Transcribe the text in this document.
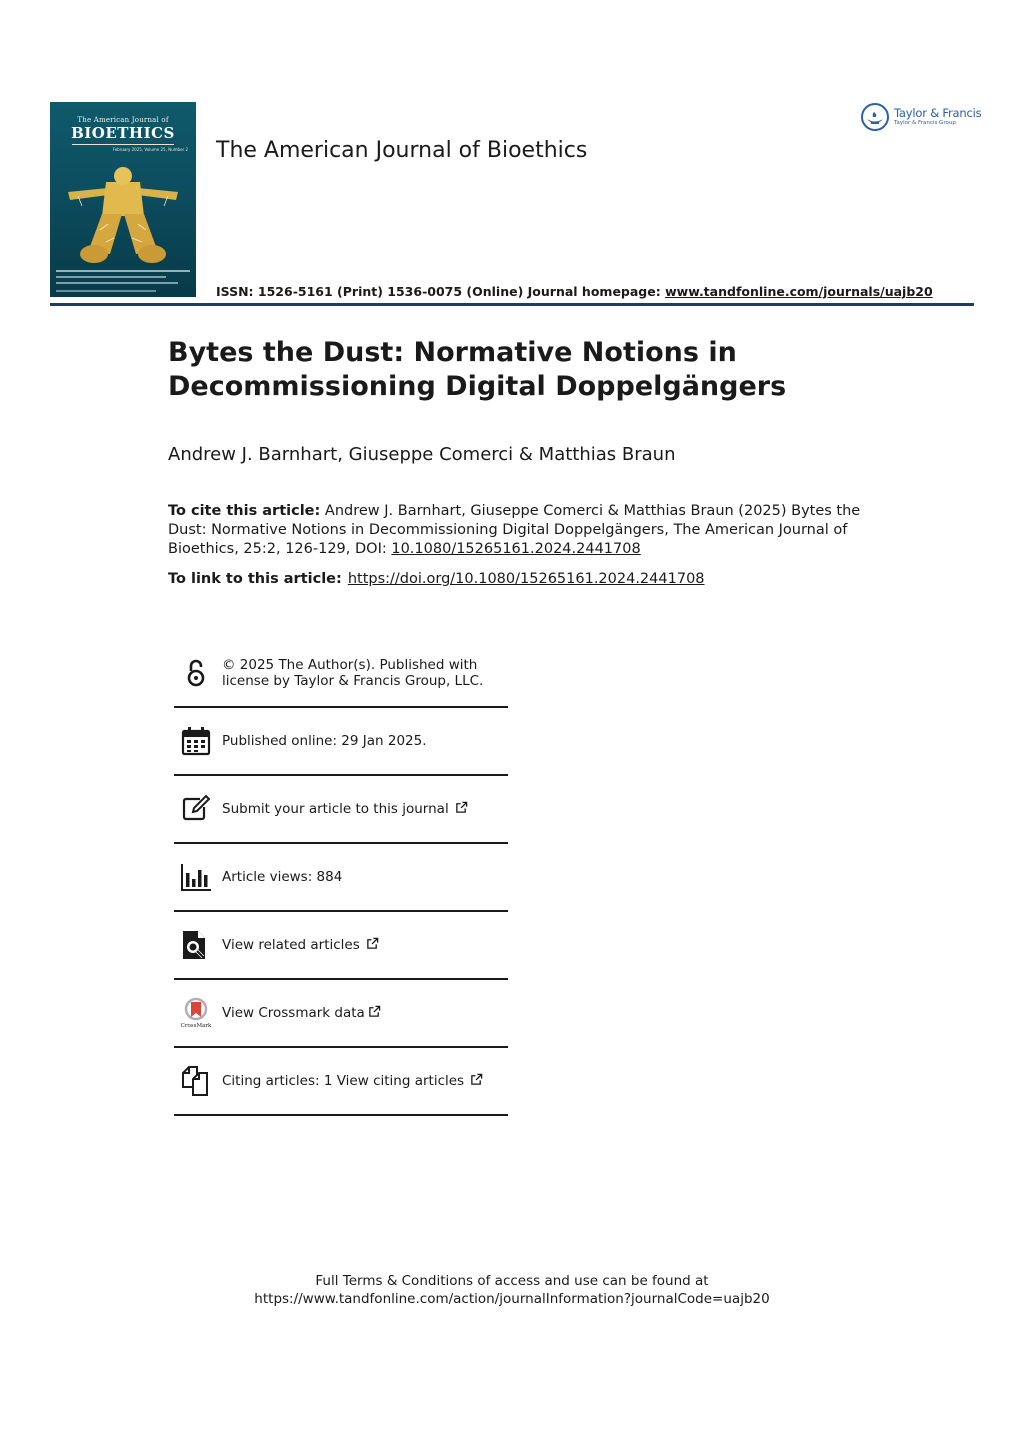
The American Journal of
BIOETHICS
February 2025, Volume 25, Number 2 The American Journal of Bioethics
Taylor & Francis
Taylor & Francis Group
ISSN: 1526-5161 (Print) 1536-0075 (Online) Journal homepage: www.tandfonline.com/journals/uajb20
Bytes the Dust: Normative Notions in
Decommissioning Digital Doppelgängers
Andrew J. Barnhart, Giuseppe Comerci & Matthias Braun
To cite this article: Andrew J. Barnhart, Giuseppe Comerci & Matthias Braun (2025) Bytes the Dust: Normative Notions in Decommissioning Digital Doppelgängers, The American Journal of Bioethics, 25:2, 126-129, DOI: 10.1080/15265161.2024.2441708
To link to this article: https://doi.org/10.1080/15265161.2024.2441708
© 2025 The Author(s). Published with
license by Taylor & Francis Group, LLC.
Published online: 29 Jan 2025.
Submit your article to this journal
Article views: 884
View related articles
CrossMark
View Crossmark data
Citing articles: 1 View citing articles
Full Terms & Conditions of access and use can be found at
https://www.tandfonline.com/action/journalInformation?journalCode=uajb20
